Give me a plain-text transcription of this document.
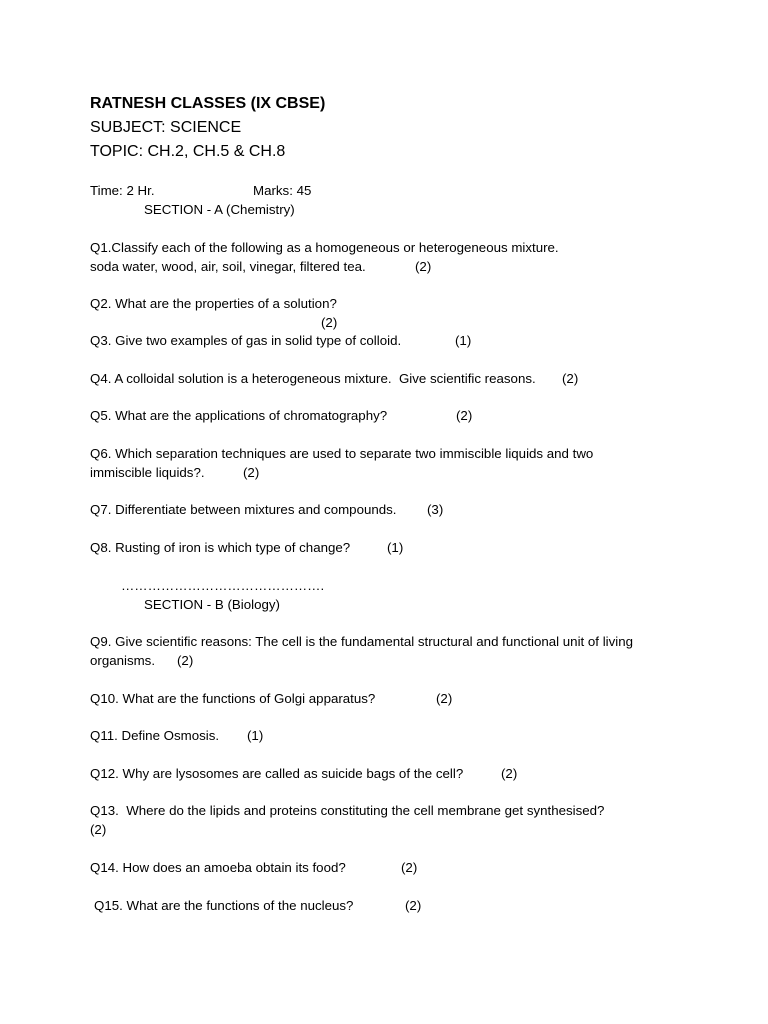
RATNESH CLASSES (IX CBSE)
SUBJECT: SCIENCE
TOPIC: CH.2, CH.5 & CH.8
Time: 2 Hr.	Marks: 45
SECTION - A (Chemistry)
Q1.Classify each of the following as a homogeneous or heterogeneous mixture.
soda water, wood, air, soil, vinegar, filtered tea.	(2)
Q2. What are the properties of a solution?
(2)
Q3. Give two examples of gas in solid type of colloid.	(1)
Q4. A colloidal solution is a heterogeneous mixture.  Give scientific reasons. (2)
Q5. What are the applications of chromatography?	(2)
Q6. Which separation techniques are used to separate two immiscible liquids and two
immiscible liquids?.	(2)
Q7. Differentiate between mixtures and compounds. (3)
Q8. Rusting of iron is which type of change?	(1)
……………………………………….
SECTION - B (Biology)
Q9. Give scientific reasons: The cell is the fundamental structural and functional unit of living
organisms. (2)
Q10. What are the functions of Golgi apparatus?	(2)
Q11. Define Osmosis. (1)
Q12. Why are lysosomes are called as suicide bags of the cell?	(2)
Q13.  Where do the lipids and proteins constituting the cell membrane get synthesised?
(2)
Q14. How does an amoeba obtain its food?	(2)
Q15. What are the functions of the nucleus?	(2)
